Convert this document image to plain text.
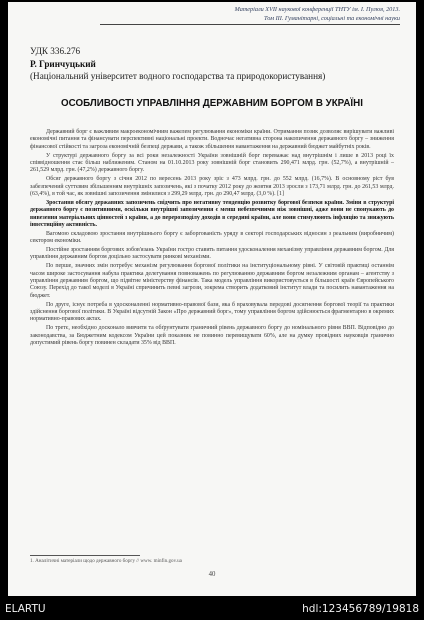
Матеріали XVII наукової конференції ТНТУ ім. І. Пулюя, 2013.
Том III. Гуманітарні, соціальні та економічні науки
УДК 336.276
Р. Гринчуцький
(Національний університет водного господарства та природокористування)
ОСОБЛИВОСТІ УПРАВЛІННЯ ДЕРЖАВНИМ БОРГОМ В УКРАЇНІ

Державний борг є важливим макроекономічним важелем регулювання економіки країни. Отримання позик дозволяє вирішувати важливі економічні питання та фінансувати перспективні національні проекти. Водночас негативна сторона накопичення державного боргу – зниження фінансової стійкості та загроза економічній безпеці держави, а також збільшення навантаження на державний бюджет майбутніх років.

У структурі державного боргу за всі роки незалежності України зовнішній борг переважає над внутрішнім і лише в 2013 році їх співвідношення стає більш наближеним. Станом на 01.10.2013 року зовнішній борг становить 290,471 млрд. грн. (52,7%), а внутрішній – 261,529 млрд. грн. (47,2%) державного боргу.

Обсяг державного боргу з січня 2012 по вересень 2013 року зріс з 473 млрд. грн. до 552 млрд. (16,7%). В основному ріст був забезпечений суттєвим збільшенням внутрішніх запозичень, які з початку 2012 року до жовтня 2013 зросли з 173,71 млрд. грн. до 261,53 млрд. (63,4%), в той час, як зовнішні запозичення змінилися з 299,29 млрд. грн. до 290,47 млрд. (3,0 %). [1]

Зростання обсягу державних запозичень свідчить про негативну тенденцію розвитку боргової безпеки країни. Зміни в структурі державного боргу є позитивними, оскільки внутрішні запозичення є менш небезпечними ніж зовнішні, адже вони не спонукають до вивезення матеріальних цінностей з країни, а до перерозподілу доходів в середині країни, але вони стимулюють інфляцію та знижують інвестиційну активність.

Вагомою складовою зростання внутрішнього боргу є заборгованість уряду в секторі господарських відносин з реальним (виробничим) сектором економіки.

Постійне зростанням боргових зобов'язань України гостро ставить питання удосконалення механізму управління державним боргом. Для управління державним боргом доцільно застосувати ринкові механізми.

По перше, значних змін потребує механізм регулювання боргової політики на інституціональному рівні. У світовій практиці останнім часом широке застосування набула практика делегування повноважень по регулюванню державним боргом незалежним органам – агентству з управління державним боргом, що підвітне міністерству фінансів. Така модель управління використовується в більшості країн Європейського Союзу. Перехід до такої моделі в Україні спричинить певні загрози, зокрема створить додатковий інститут влади та посилить навантаження на бюджет.

По друге, існує потреба в удосконаленні нормативно-правової бази, яка б враховувала передові досягнення боргової теорії та практики здійснення боргової політики. В Україні відсутній Закон «Про державний борг», тому управління боргом здійснюється фрагментарно в окремих нормативно-правових актах.

По третє, необхідно досконало вивчити та обґрунтувати граничний рівень державного боргу до номінального рівня ВВП. Відповідно до законодавства, за Бюджетним кодексом України цей показник не повинно перевищувати 60%, але на думку провідних науковців граничнo допустимий рівень боргу повинен складати 35% від ВВП.

1. Аналітичні матеріали щодо державного боргу // www. minfin.gov.ua
40
ELARTU	hdl:123456789/19818
